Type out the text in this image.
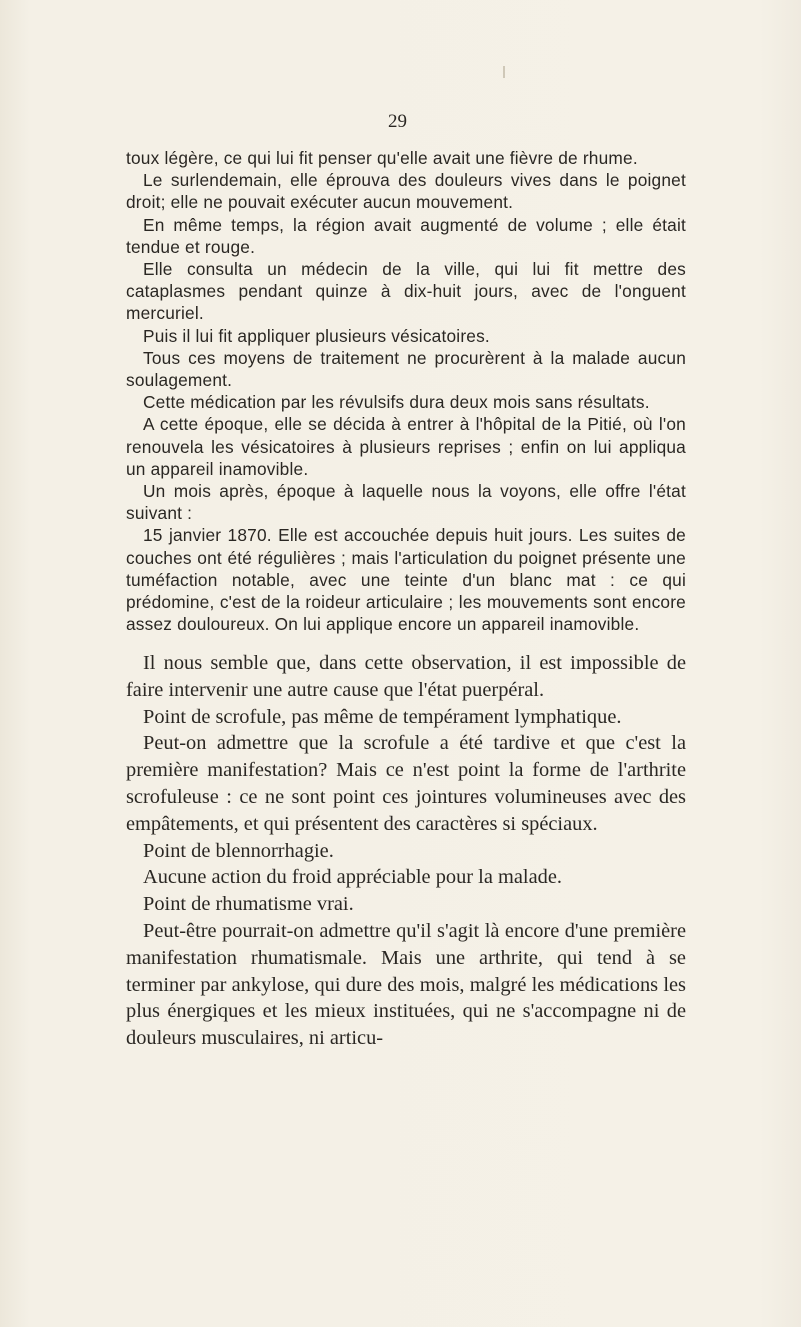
29

toux légère, ce qui lui fit penser qu'elle avait une fièvre de rhume.

Le surlendemain, elle éprouva des douleurs vives dans le poignet droit; elle ne pouvait exécuter aucun mouvement.

En même temps, la région avait augmenté de volume ; elle était tendue et rouge.

Elle consulta un médecin de la ville, qui lui fit mettre des cataplasmes pendant quinze à dix-huit jours, avec de l'onguent mercuriel.

Puis il lui fit appliquer plusieurs vésicatoires.

Tous ces moyens de traitement ne procurèrent à la malade aucun soulagement.

Cette médication par les révulsifs dura deux mois sans résultats.

A cette époque, elle se décida à entrer à l'hôpital de la Pitié, où l'on renouvela les vésicatoires à plusieurs reprises ; enfin on lui appliqua un appareil inamovible.

Un mois après, époque à laquelle nous la voyons, elle offre l'état suivant :

15 janvier 1870. Elle est accouchée depuis huit jours. Les suites de couches ont été régulières ; mais l'articulation du poignet présente une tuméfaction notable, avec une teinte d'un blanc mat : ce qui prédomine, c'est de la roideur articulaire ; les mouvements sont encore assez douloureux. On lui applique encore un appareil inamovible.

Il nous semble que, dans cette observation, il est impossible de faire intervenir une autre cause que l'état puerpéral.

Point de scrofule, pas même de tempérament lymphatique.

Peut-on admettre que la scrofule a été tardive et que c'est la première manifestation? Mais ce n'est point la forme de l'arthrite scrofuleuse : ce ne sont point ces jointures volumineuses avec des empâtements, et qui présentent des caractères si spéciaux.

Point de blennorrhagie.

Aucune action du froid appréciable pour la malade.

Point de rhumatisme vrai.

Peut-être pourrait-on admettre qu'il s'agit là encore d'une première manifestation rhumatismale. Mais une arthrite, qui tend à se terminer par ankylose, qui dure des mois, malgré les médications les plus énergiques et les mieux instituées, qui ne s'accompagne ni de douleurs musculaires, ni articu-
